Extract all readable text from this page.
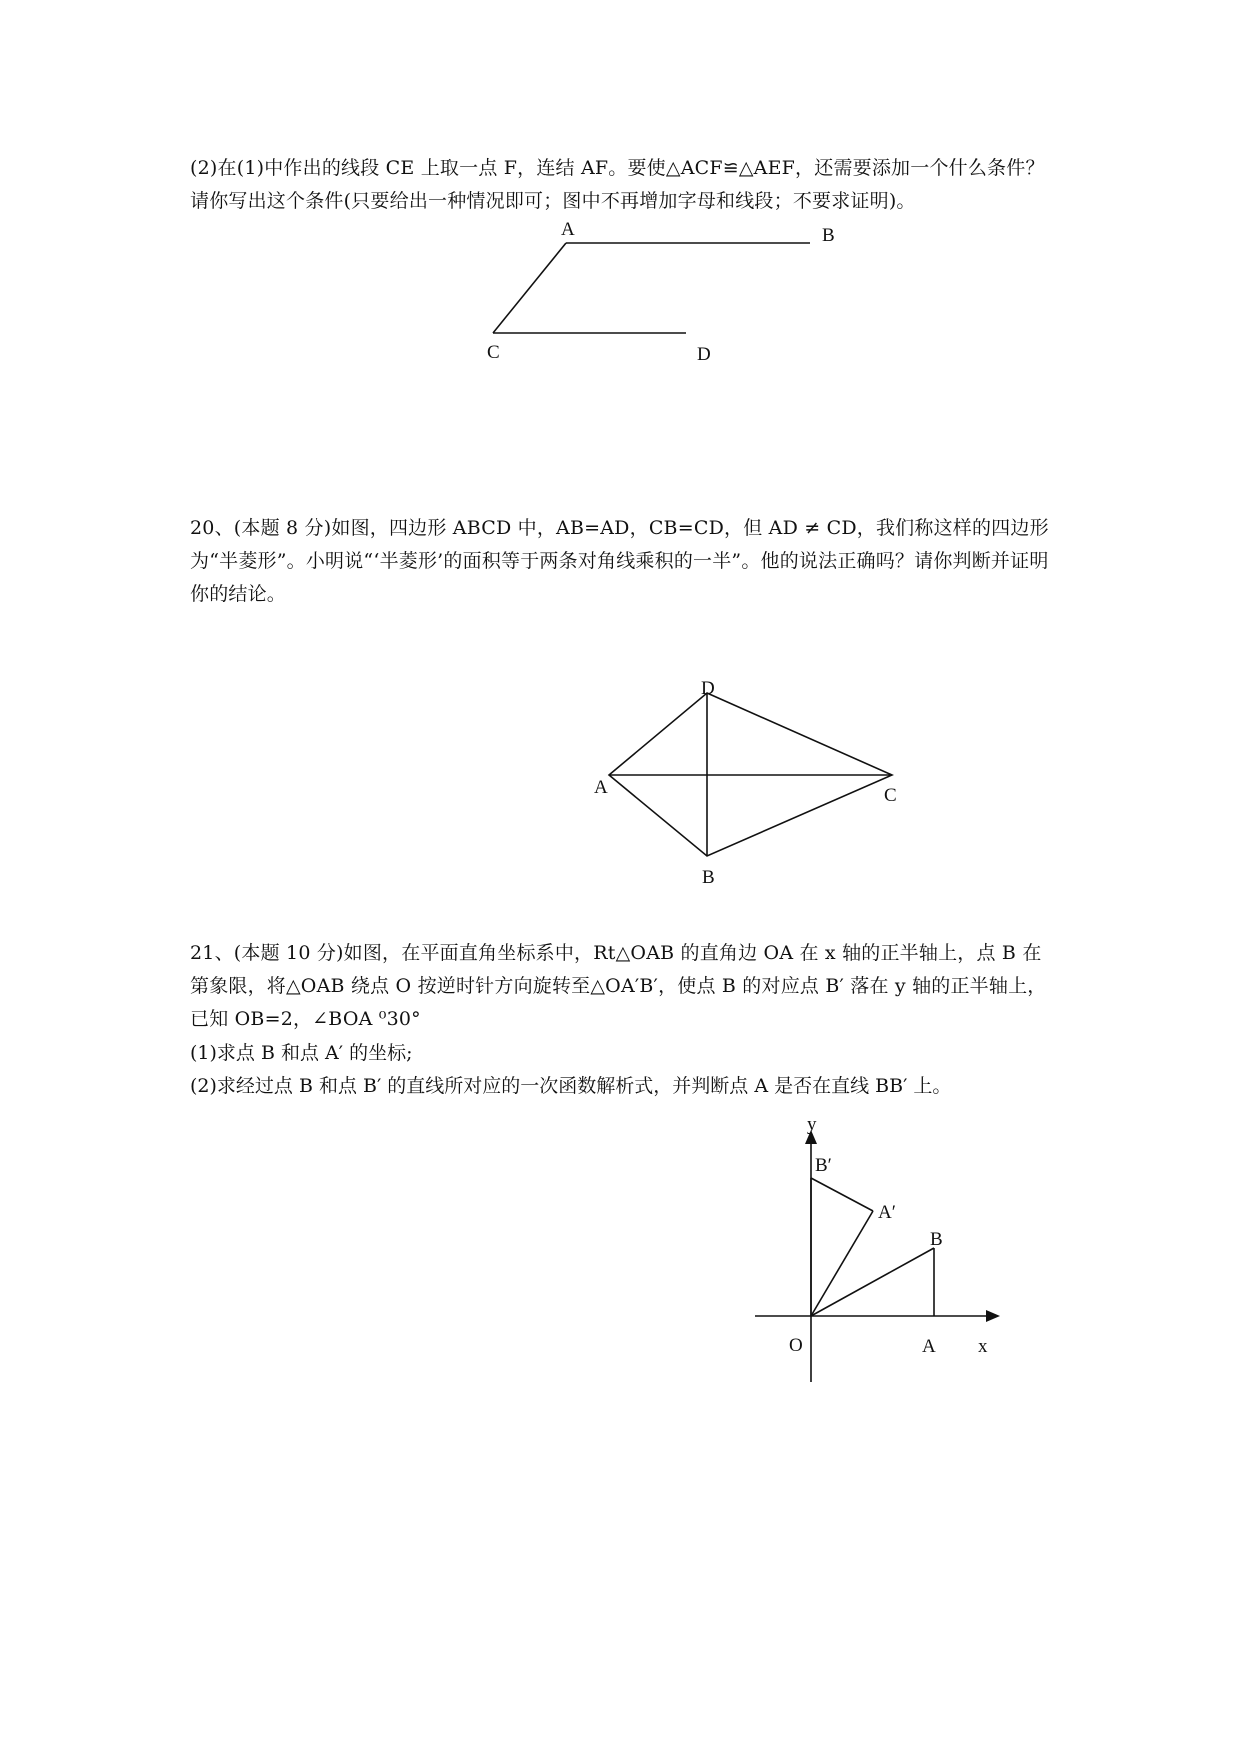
(2)在(1)中作出的线段 CE 上取一点 F，连结 AF。要使△ACF≌△AEF，还需要添加一个什么条件？请你写出这个条件(只要给出一种情况即可；图中不再增加字母和线段；不要求证明)。

A	B
C	D

20、(本题 8 分)如图，四边形 ABCD 中，AB=AD，CB=CD，但 AD ≠ CD，我们称这样的四边形为“半菱形”。小明说“‘半菱形’的面积等于两条对角线乘积的一半”。他的说法正确吗？请你判断并证明你的结论。

D
A	C
B

21、(本题 10 分)如图，在平面直角坐标系中，Rt△OAB 的直角边 OA 在 x 轴的正半轴上，点 B 在第象限，将△OAB 绕点 O 按逆时针方向旋转至△OA′B′，使点 B 的对应点 B′ 落在 y 轴的正半轴上，已知 OB=2，∠BOA ⁰30°

(1)求点 B 和点 A′ 的坐标;
(2)求经过点 B 和点 B′ 的直线所对应的一次函数解析式，并判断点 A 是否在直线 BB′ 上。
y
B′
A′
B
O	A x
